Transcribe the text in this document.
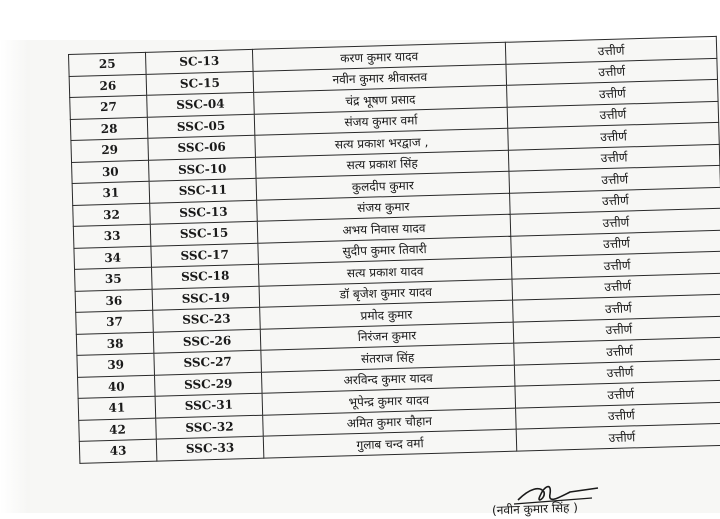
25	SC-13	करण कुमार यादव	उत्तीर्ण
26	SC-15	नवीन कुमार श्रीवास्तव	उत्तीर्ण
27	SSC-04	चंद्र भूषण प्रसाद	उत्तीर्ण
28	SSC-05	संजय कुमार वर्मा	उत्तीर्ण
29	SSC-06	सत्य प्रकाश भरद्वाज ,	उत्तीर्ण
30	SSC-10	सत्य प्रकाश सिंह	उत्तीर्ण
31	SSC-11	कुलदीप कुमार	उत्तीर्ण
32	SSC-13	संजय कुमार	उत्तीर्ण
33	SSC-15	अभय निवास यादव	उत्तीर्ण
34	SSC-17	सुदीप कुमार तिवारी	उत्तीर्ण
35	SSC-18	सत्य प्रकाश यादव	उत्तीर्ण
36	SSC-19	डॉ बृजेश कुमार यादव	उत्तीर्ण
37	SSC-23	प्रमोद कुमार	उत्तीर्ण
38	SSC-26	निरंजन कुमार	उत्तीर्ण
39	SSC-27	संतराज सिंह	उत्तीर्ण
40	SSC-29	अरविन्द कुमार यादव	उत्तीर्ण
41	SSC-31	भूपेन्द्र कुमार यादव	उत्तीर्ण
42	SSC-32	अमित कुमार चौहान	उत्तीर्ण
43	SSC-33	गुलाब चन्द वर्मा	उत्तीर्ण
(नवीन कुमार सिंह )
